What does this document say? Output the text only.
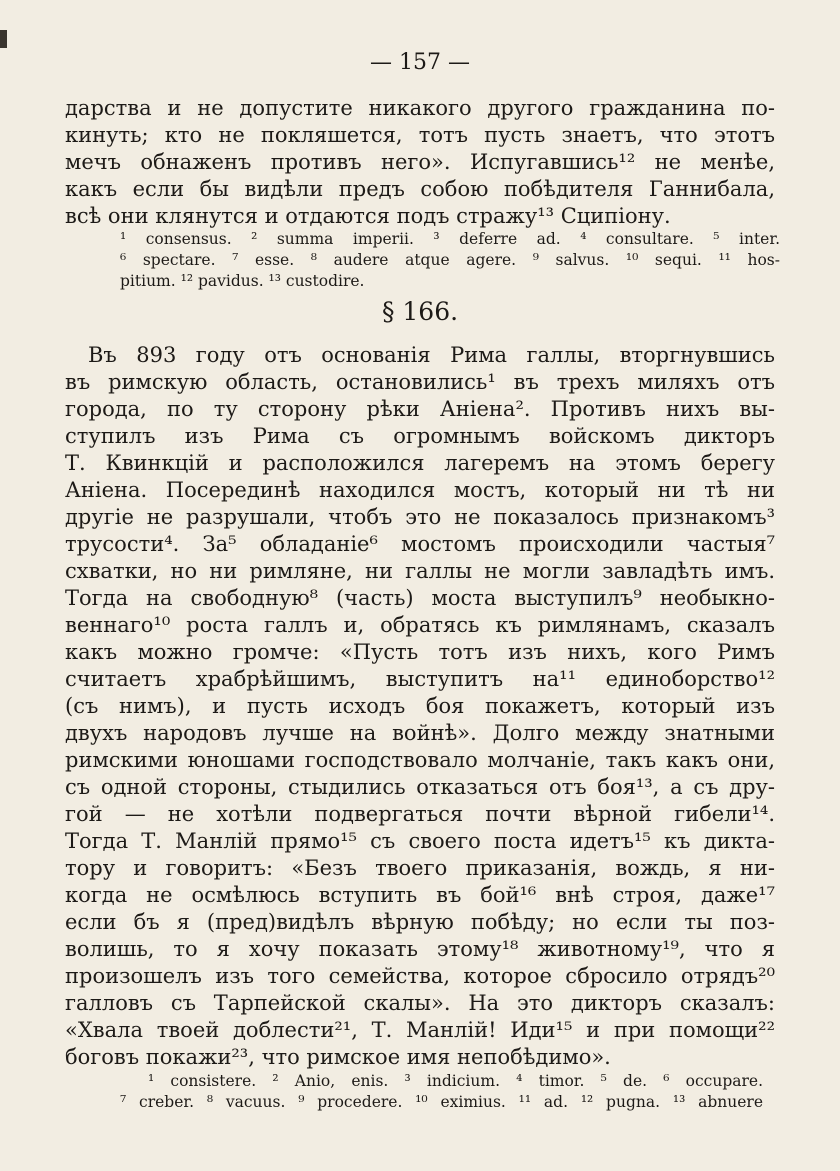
— 157 —
дарства и не допустите никакого другого гражданина по-
кинуть; кто не покляшется, тотъ пусть знаетъ, что этотъ
мечъ обнаженъ противъ него». Испугавшись¹² не менѣе,
какъ если бы видѣли предъ собою побѣдителя Ганнибала,
всѣ они клянутся и отдаются подъ стражу¹³ Сципіону.
¹ consensus. ² summa imperii. ³ deferre ad. ⁴ consultare. ⁵ inter.
⁶ spectare. ⁷ esse. ⁸ audere atque agere. ⁹ salvus. ¹⁰ sequi. ¹¹ hos-
pitium. ¹² pavidus. ¹³ custodire.
§ 166.
Въ 893 году отъ основанія Рима галлы, вторгнувшись
въ римскую область, остановились¹ въ трехъ миляхъ отъ
города, по ту сторону рѣки Аніена². Противъ нихъ вы-
ступилъ изъ Рима съ огромнымъ войскомъ дикторъ
Т. Квинкцій и расположился лагеремъ на этомъ берегу
Аніена. Посерединѣ находился мостъ, который ни тѣ ни
другіе не разрушали, чтобъ это не показалось признакомъ³
трусости⁴. За⁵ обладаніе⁶ мостомъ происходили частыя⁷
схватки, но ни римляне, ни галлы не могли завладѣть имъ.
Тогда на свободную⁸ (часть) моста выступилъ⁹ необыкно-
веннаго¹⁰ роста галлъ и, обратясь къ римлянамъ, сказалъ
какъ можно громче: «Пусть тотъ изъ нихъ, кого Римъ
считаетъ храбрѣйшимъ, выступитъ на¹¹ единоборство¹²
(съ нимъ), и пусть исходъ боя покажетъ, который изъ
двухъ народовъ лучше на войнѣ». Долго между знатными
римскими юношами господствовало молчаніе, такъ какъ они,
съ одной стороны, стыдились отказаться отъ боя¹³, а съ дру-
гой — не хотѣли подвергаться почти вѣрной гибели¹⁴.
Тогда Т. Манлій прямо¹⁵ съ своего поста идетъ¹⁵ къ дикта-
тору и говоритъ: «Безъ твоего приказанія, вождь, я ни-
когда не осмѣлюсь вступить въ бой¹⁶ внѣ строя, даже¹⁷
если бъ я (пред)видѣлъ вѣрную побѣду; но если ты поз-
волишь, то я хочу показать этому¹⁸ животному¹⁹, что я
произошелъ изъ того семейства, которое сбросило отрядъ²⁰
галловъ съ Тарпейской скалы». На это дикторъ сказалъ:
«Хвала твоей доблести²¹, Т. Манлій! Иди¹⁵ и при помощи²²
боговъ покажи²³, что римское имя непобѣдимо».
¹ consistere. ² Anio, enis. ³ indicium. ⁴ timor. ⁵ de. ⁶ occupare.
⁷ creber. ⁸ vacuus. ⁹ procedere. ¹⁰ eximius. ¹¹ ad. ¹² pugna. ¹³ abnuere
